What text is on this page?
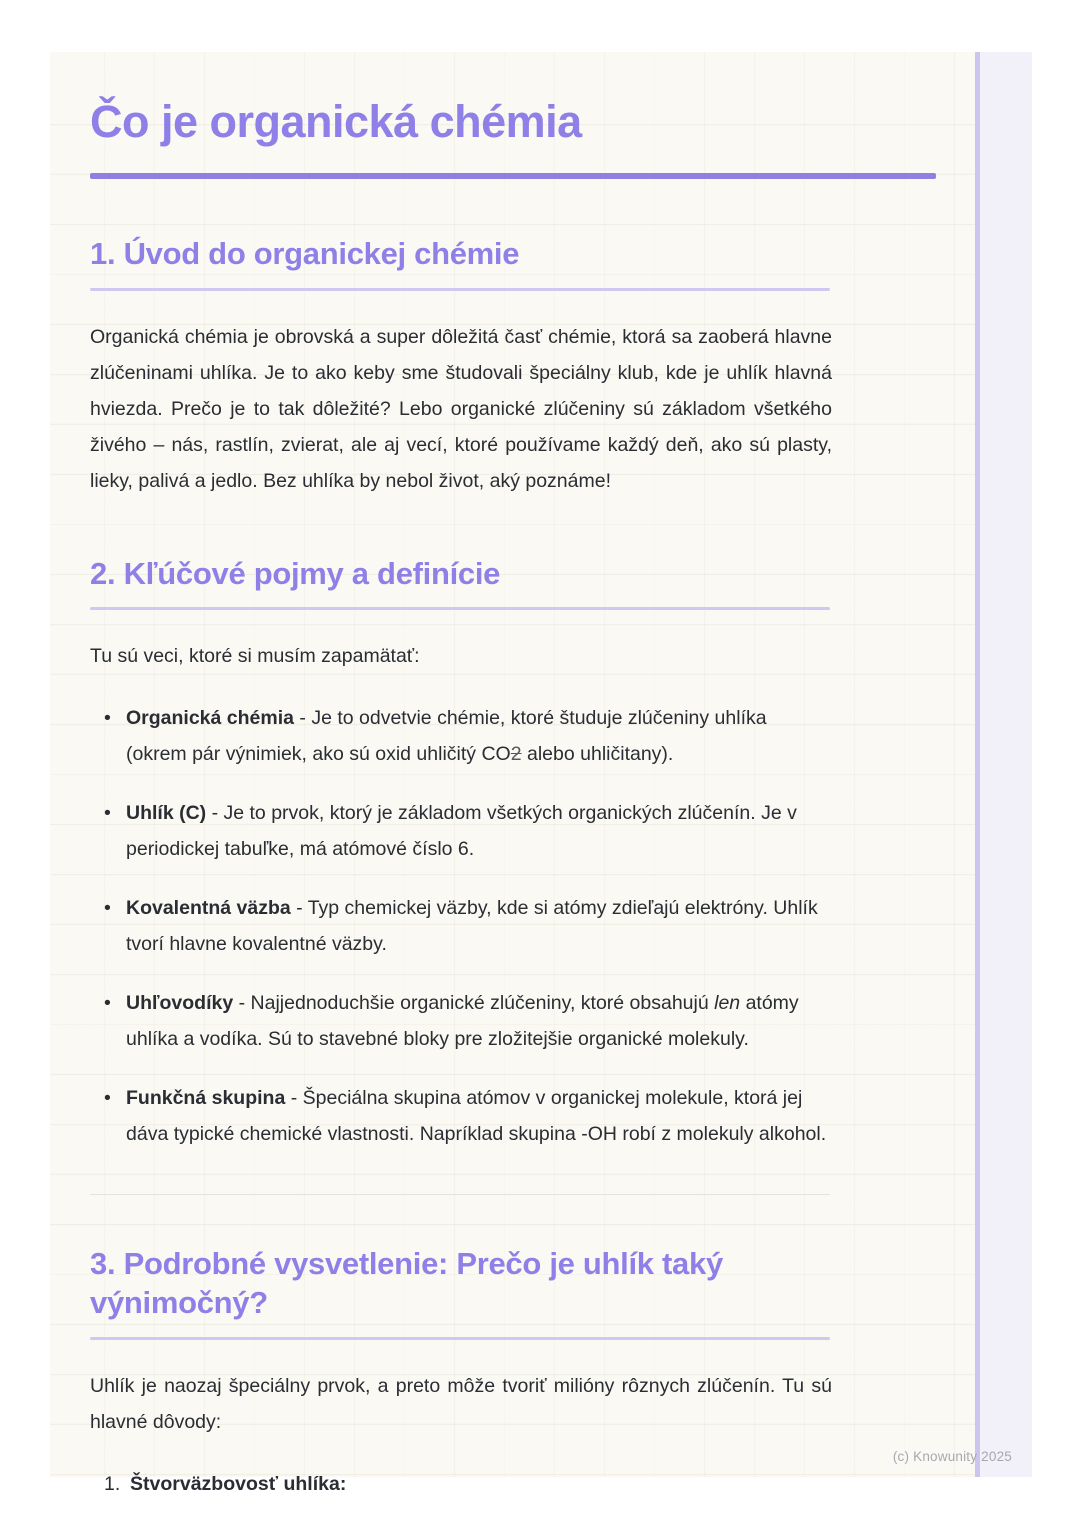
Čo je organická chémia
1. Úvod do organickej chémie

Organická chémia je obrovská a super dôležitá časť chémie, ktorá sa zaoberá hlavne zlúčeninami uhlíka. Je to ako keby sme študovali špeciálny klub, kde je uhlík hlavná hviezda. Prečo je to tak dôležité? Lebo organické zlúčeniny sú základom všetkého živého – nás, rastlín, zvierat, ale aj vecí, ktoré používame každý deň, ako sú plasty, lieky, palivá a jedlo. Bez uhlíka by nebol život, aký poznáme!

2. Kľúčové pojmy a definície

Tu sú veci, ktoré si musím zapamätať:

• Organická chémia - Je to odvetvie chémie, ktoré študuje zlúčeniny uhlíka (okrem pár výnimiek, ako sú oxid uhličitý CO2 alebo uhličitany).
• Uhlík (C) - Je to prvok, ktorý je základom všetkých organických zlúčenín. Je v periodickej tabuľke, má atómové číslo 6.
• Kovalentná väzba - Typ chemickej väzby, kde si atómy zdieľajú elektróny. Uhlík tvorí hlavne kovalentné väzby.
• Uhľovodíky - Najjednoduchšie organické zlúčeniny, ktoré obsahujú len atómy uhlíka a vodíka. Sú to stavebné bloky pre zložitejšie organické molekuly.
• Funkčná skupina - Špeciálna skupina atómov v organickej molekule, ktorá jej dáva typické chemické vlastnosti. Napríklad skupina -OH robí z molekuly alkohol.
3. Podrobné vysvetlenie: Prečo je uhlík taký výnimočný?

Uhlík je naozaj špeciálny prvok, a preto môže tvoriť milióny rôznych zlúčenín. Tu sú hlavné dôvody:

1. Štvorväzbovosť uhlíka:
(c) Knowunity 2025
